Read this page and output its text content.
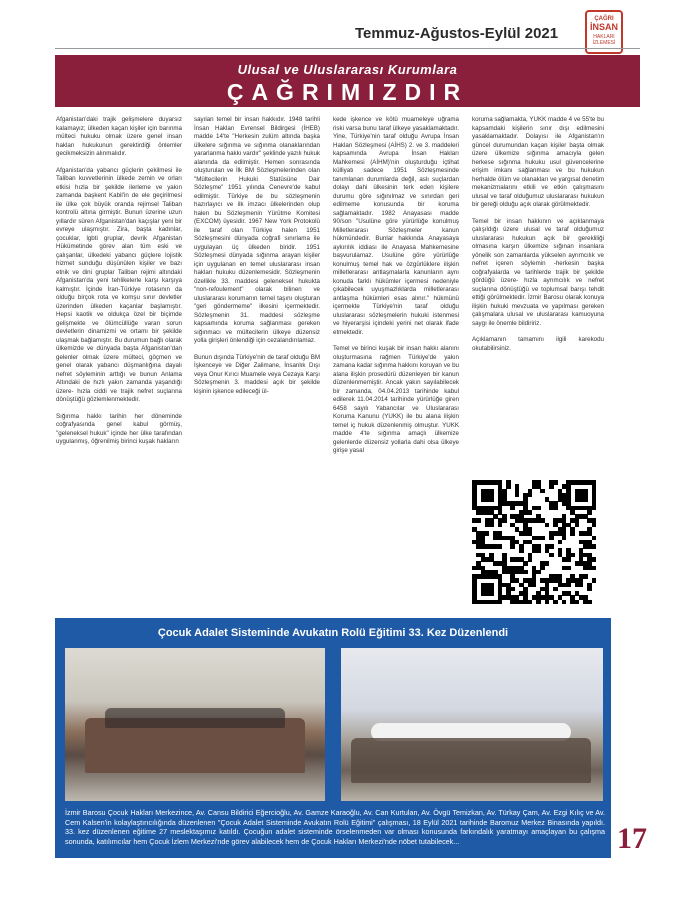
Temmuz-Ağustos-Eylül 2021
ÇAĞRI
İNSAN
HAKLARI İZLEMESİ
Ulusal ve Uluslararası Kurumlara
ÇAĞRIMIZDIR

Afganistan'daki trajik gelişmelere duyarsız kalamayız; ülkeden kaçan kişiler için barınma mülteci hukuku olmak üzere genel insan hakları hukukunun gerektirdiği önlemler gecikmeksizin alınmalıdır.

Afganistan'da yabancı güçlerin çekilmesi ile Taliban kuvvetlerinin ülkede zemin ve orları etkisi hızla bir şekilde ilerleme ve yakın zamanda başkent Kabil'in de ele geçirilmesi ile ülke çok büyük oranda rejimsel Taliban kontrolü altına girmiştir. Bunun üzerine uzun yıllardır süren Afganistan'dan kaçışlar yeni bir evreye ulaşmıştır. Zira, başta kadınlar, çocuklar, lgbti gruplar, devrik Afganistan Hükümetinde görev alan tüm eski ve çalışanlar, ülkedeki yabancı güçlere lojistik hizmet sunduğu düşünülen kişiler ve bazı etnik ve dini gruplar Taliban rejimi altındaki Afganistan'da yeni tehlikelerle karşı karşıya kalmıştır. İçinde İran-Türkiye rotasının da olduğu birçok rota ve komşu sınır devletler üzerinden ülkeden kaçanlar başlamıştır. Hepsi kaotik ve oldukça özel bir biçimde gelişmekte ve ölümcüllüğe varan sorun devletlerin dinamizmi ve ortamı bir şekilde ulaşmak bağlamıştır. Bu durumun bağlı olarak ülkemizde ve dünyada başta Afganistan'dan gelenler olmak üzere mülteci, göçmen ve genel olarak yabancı düşmanlığına dayalı nefret söyleminin arttığı ve bunun Anlama Altındaki de hızlı yakın zamanda yaşandığı üzere- hızla ciddi ve trajik nefret suçlarına dönüştüğü gözlemlenmektedir.

Sığınma hakkı tarihin her döneminde coğrafyasında genel kabul görmüş, "geleneksel hukuk" içinde her ülke tarafından uygulanmış, öğrenilmiş birinci kuşak hakların

sayılan temel bir insan hakkıdır. 1948 tarihli İnsan Hakları Evrensel Bildirgesi (İHEB) madde 14'te "Herkesin zulüm altında başka ülkelere sığınma ve sığınma olanaklarından yararlanma hakkı vardır" şeklinde yazılı hukuk alanında da edilmiştir. Hemen sonrasında oluşturulan ve İlk BM Sözleşmelerinden olan "Mültecilerin Hukuki Statüsüne Dair Sözleşme" 1951 yılında Cenevre'de kabul edilmiştir. Türkiye de bu sözleşmenin hazırlayıcı ve ilk imzacı ülkelerinden olup halen bu Sözleşmenin Yürütme Komitesi (EXCOM) üyesidir. 1967 New York Protokolü ile taraf olan Türkiye halen 1951 Sözleşmesini dünyada coğrafi sınırlama ile uygulayan üç ülkeden biridir. 1951 Sözleşmesi dünyada sığınma arayan kişiler için uygulanan en temel uluslararası insan hakları hukuku düzenlemesidir. Sözleşmenin özellikle 33. maddesi geleneksel hukukta "non-refoulement" olarak bilinen ve uluslararası korumanın temel taşını oluşturan "geri göndermeme" ilkesini içermektedir. Sözleşmenin 31. maddesi sözleşme kapsamında koruma sağlanması gereken sığınmacı ve mültecilerin ülkeye düzensiz yolla girişleri önlendiği için cezalandırılamaz.

Bunun dışında Türkiye'nin de taraf olduğu BM İşkenceye ve Diğer Zalimane, İnsanlık Dışı veya Onur Kırıcı Muamele veya Cezaya Karşı Sözleşmenin 3. maddesi açık bir şekilde kişinin işkence edileceği ül-

kede işkence ve kötü muameleye uğrama riski varsa bunu taraf ülkeye yasaklamaktadır. Yine, Türkiye'nin taraf olduğu Avrupa İnsan Hakları Sözleşmesi (AİHS) 2. ve 3. maddeleri kapsamında Avrupa İnsan Hakları Mahkemesi (AİHM)'nin oluşturduğu içtihat külliyatı sadece 1951 Sözleşmesinde tanımlanan durumlarda değil, aslı suçlardan dolayı dahi ülkesinin terk eden kişilere durumu göre sığınılmaz ve sınırdan geri edilmeme konusunda bir koruma sağlamaktadır. 1982 Anayasası madde 90/son "Usulüne göre yürürlüğe konulmuş Milletlerarası Sözleşmeler kanun hükmündedir. Bunlar hakkında Anayasaya aykırılık iddiası ile Anayasa Mahkemesine başvurulamaz. Usulüne göre yürürlüğe konulmuş temel hak ve özgürlüklere ilişkin milletlerarası antlaşmalarla kanunların aynı konuda farklı hükümler içermesi nedeniyle çıkabilecek uyuşmazlıklarda milletlerarası antlaşma hükümleri esas alınır." hükmünü içermekte Türkiye'nin taraf olduğu uluslararası sözleşmelerin hukuki istenmesi ve hiyerarşisi içindeki yerini net olarak ifade etmektedir.

Temel ve birinci kuşak bir insan hakkı alanını oluşturmasına rağmen Türkiye'de yakın zamana kadar sığınma hakkını koruyan ve bu alana ilişkin prosedürü düzenleyen bir kanun düzenlenmemiştir. Ancak yakın sayılabilecek bir zamanda, 04.04.2013 tarihinde kabul edilerek 11.04.2014 tarihinde yürürlüğe giren 6458 sayılı Yabancılar ve Uluslararası Koruma Kanunu (YUKK) ile bu alana ilişkin temel iç hukuk düzenlenmiş olmuştur. YUKK madde 4'te sığınma amaçlı ülkemize gelenlerde düzensiz yollarla dahi olsa ülkeye girişe yasal

koruma sağlamakta, YUKK madde 4 ve 55'te bu kapsamdaki kişilerin sınır dışı edilmesini yasaklamaktadır. Dolayısı ile Afganistan'ın güncel durumundan kaçan kişiler başta olmak üzere ülkemize sığınma amacıyla gelen herkese sığınma hukuku usul güvencelerine erişim imkanı sağlanması ve bu hukukun herhalde ölüm ve olanakları ve yargısal denetim mekanizmalarını etkili ve etkin çalışmasını ulusal ve taraf olduğumuz uluslararası hukukun bir gereği olduğu açık olarak görülmektedir.

Temel bir insan hakkının ve açıklanmaya çalışıldığı üzere ulusal ve taraf olduğumuz uluslararası hukukun açık bir gerekliliği olmasına karşın ülkemize sığınan insanlara yönelik son zamanlarda yükselen ayrımcılık ve nefret içeren söylemin -herkesin başka coğrafyalarda ve tarihlerde trajik bir şekilde gördüğü üzere- hızla ayrımcılık ve nefret suçlarına dönüştüğü ve toplumsal barışı tehdit ettiği görülmektedir. İzmir Barosu olarak konuya ilişkin hukuki mevzuata ve yapılması gereken çalışmalara ulusal ve uluslararası kamuoyuna saygı ile önemle bildiririz.

Açıklamanın tamamını ilgili karekodu okutabilirsiniz.

Çocuk Adalet Sisteminde Avukatın Rolü Eğitimi 33. Kez Düzenlendi
İzmir Barosu Çocuk Hakları Merkezince, Av. Cansu Bildirici Eğercioğlu, Av. Gamze Karaoğlu, Av. Can Kurtulan, Av. Övgü Temizkan, Av. Türkay Çam, Av. Ezgi Kılıç ve Av. Cem Kalsen'in kolaylaştırıcılığında düzenlenen "Çocuk Adalet Sisteminde Avukatın Rolü Eğitimi" çalışması, 18 Eylül 2021 tarihinde Baromuz Merkez Binasında yapıldı. 33. kez düzenlenen eğitime 27 meslektaşımız katıldı. Çocuğun adalet sisteminde örselenmeden var olması konusunda farkındalık yaratmayı amaçlayan bu çalışma sonunda, katılımcılar hem Çocuk İzlem Merkezi'nde görev alabilecek hem de Çocuk Hakları Merkezi'nde nöbet tutabilecek...	17
